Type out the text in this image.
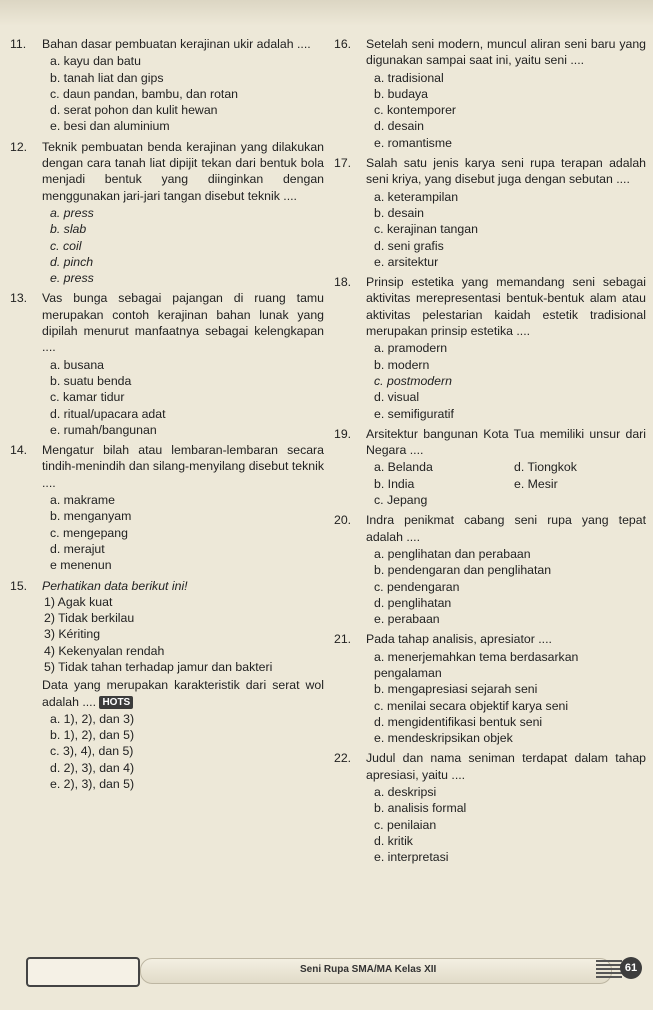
11. Bahan dasar pembuatan kerajinan ukir adalah ....
a. kayu dan batu
b. tanah liat dan gips
c. daun pandan, bambu, dan rotan
d. serat pohon dan kulit hewan
e. besi dan aluminium
12. Teknik pembuatan benda kerajinan yang dilakukan dengan cara tanah liat dipijit tekan dari bentuk bola menjadi bentuk yang diinginkan dengan menggunakan jari-jari tangan disebut teknik ....
a. press
b. slab
c. coil
d. pinch
e. press
13. Vas bunga sebagai pajangan di ruang tamu merupakan contoh kerajinan bahan lunak yang dipilah menurut manfaatnya sebagai kelengkapan ....
a. busana
b. suatu benda
c. kamar tidur
d. ritual/upacara adat
e. rumah/bangunan
14. Mengatur bilah atau lembaran-lembaran secara tindih-menindih dan silang-menyilang disebut teknik ....
a. makrame
b. menganyam
c. mengepang
d. merajut
e menenun
15. Perhatikan data berikut ini!
1) Agak kuat
2) Tidak berkilau
3) Kériting
4) Kekenyalan rendah
5) Tidak tahan terhadap jamur dan bakteri
Data yang merupakan karakteristik dari serat wol adalah .... HOTS
a. 1), 2), dan 3)
b. 1), 2), dan 5)
c. 3), 4), dan 5)
d. 2), 3), dan 4)
e. 2), 3), dan 5)
16. Setelah seni modern, muncul aliran seni baru yang digunakan sampai saat ini, yaitu seni ....
a. tradisional
b. budaya
c. kontemporer
d. desain
e. romantisme
17. Salah satu jenis karya seni rupa terapan adalah seni kriya, yang disebut juga dengan sebutan ....
a. keterampilan
b. desain
c. kerajinan tangan
d. seni grafis
e. arsitektur
18. Prinsip estetika yang memandang seni sebagai aktivitas merepresentasi bentuk-bentuk alam atau aktivitas pelestarian kaidah estetik tradisional merupakan prinsip estetika ....
a. pramodern
b. modern
c. postmodern
d. visual
e. semifiguratif
19. Arsitektur bangunan Kota Tua memiliki unsur dari Negara ....
a. Belanda	d. Tiongkok
b. India	e. Mesir
c. Jepang
20. Indra penikmat cabang seni rupa yang tepat adalah ....
a. penglihatan dan perabaan
b. pendengaran dan penglihatan
c. pendengaran
d. penglihatan
e. perabaan
21. Pada tahap analisis, apresiator ....
a. menerjemahkan tema berdasarkan pengalaman
b. mengapresiasi sejarah seni
c. menilai secara objektif karya seni
d. mengidentifikasi bentuk seni
e. mendeskripsikan objek
22. Judul dan nama seniman terdapat dalam tahap apresiasi, yaitu ....
a. deskripsi
b. analisis formal
c. penilaian
d. kritik
e. interpretasi
Seni Rupa SMA/MA Kelas XII	61
